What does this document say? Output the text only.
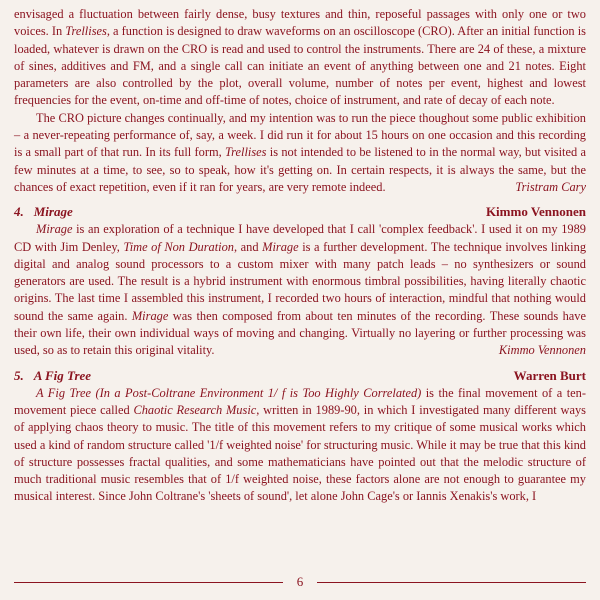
envisaged a fluctuation between fairly dense, busy textures and thin, reposeful passages with only one or two voices. In Trellises, a function is designed to draw waveforms on an oscilloscope (CRO). After an initial function is loaded, whatever is drawn on the CRO is read and used to control the instruments. There are 24 of these, a mixture of sines, additives and FM, and a single call can initiate an event of anything between one and 21 notes. Eight parameters are also controlled by the plot, overall volume, number of notes per event, highest and lowest frequencies for the event, on-time and off-time of notes, choice of instrument, and rate of decay of each note.

The CRO picture changes continually, and my intention was to run the piece thoughout some public exhibition – a never-repeating performance of, say, a week. I did run it for about 15 hours on one occasion and this recording is a small part of that run. In its full form, Trellises is not intended to be listened to in the normal way, but visited a few minutes at a time, to see, so to speak, how it's getting on. In certain respects, it is always the same, but the chances of exact repetition, even if it ran for years, are very remote indeed.	Tristram Cary

4. Mirage	Kimmo Vennonen

Mirage is an exploration of a technique I have developed that I call 'complex feedback'. I used it on my 1989 CD with Jim Denley, Time of Non Duration, and Mirage is a further development. The technique involves linking digital and analog sound processors to a custom mixer with many patch leads – no synthesizers or sound generators are used. The result is a hybrid instrument with enormous timbral possibilities, having literally chaotic origins. The last time I assembled this instrument, I recorded two hours of interaction, mindful that nothing would sound the same again. Mirage was then composed from about ten minutes of the recording. These sounds have their own life, their own individual ways of moving and changing. Virtually no layering or further processing was used, so as to retain this original vitality.	Kimmo Vennonen

5. A Fig Tree	Warren Burt

A Fig Tree (In a Post-Coltrane Environment 1/ f is Too Highly Correlated) is the final movement of a ten-movement piece called Chaotic Research Music, written in 1989-90, in which I investigated many different ways of applying chaos theory to music. The title of this movement refers to my critique of some musical works which used a kind of random structure called '1/f weighted noise' for structuring music. While it may be true that this kind of structure possesses fractal qualities, and some mathematicians have pointed out that the melodic structure of much traditional music resembles that of 1/f weighted noise, these factors alone are not enough to guarantee my musical interest. Since John Coltrane's 'sheets of sound', let alone John Cage's or Iannis Xenakis's work, I

6
